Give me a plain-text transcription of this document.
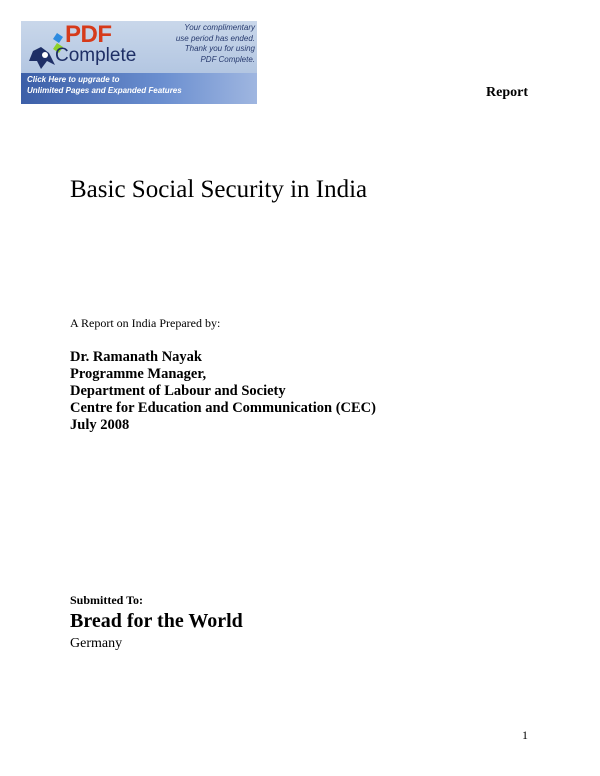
PDF
Complete
Your complimentary
use period has ended.
Thank you for using
PDF Complete.
Click Here to upgrade to
Unlimited Pages and Expanded Features	Report
Basic Social Security in India
A Report on India Prepared by:
Dr. Ramanath Nayak
Programme Manager,
Department of Labour and Society
Centre for Education and Communication (CEC)
July 2008
Submitted To:
Bread for the World
Germany
1
